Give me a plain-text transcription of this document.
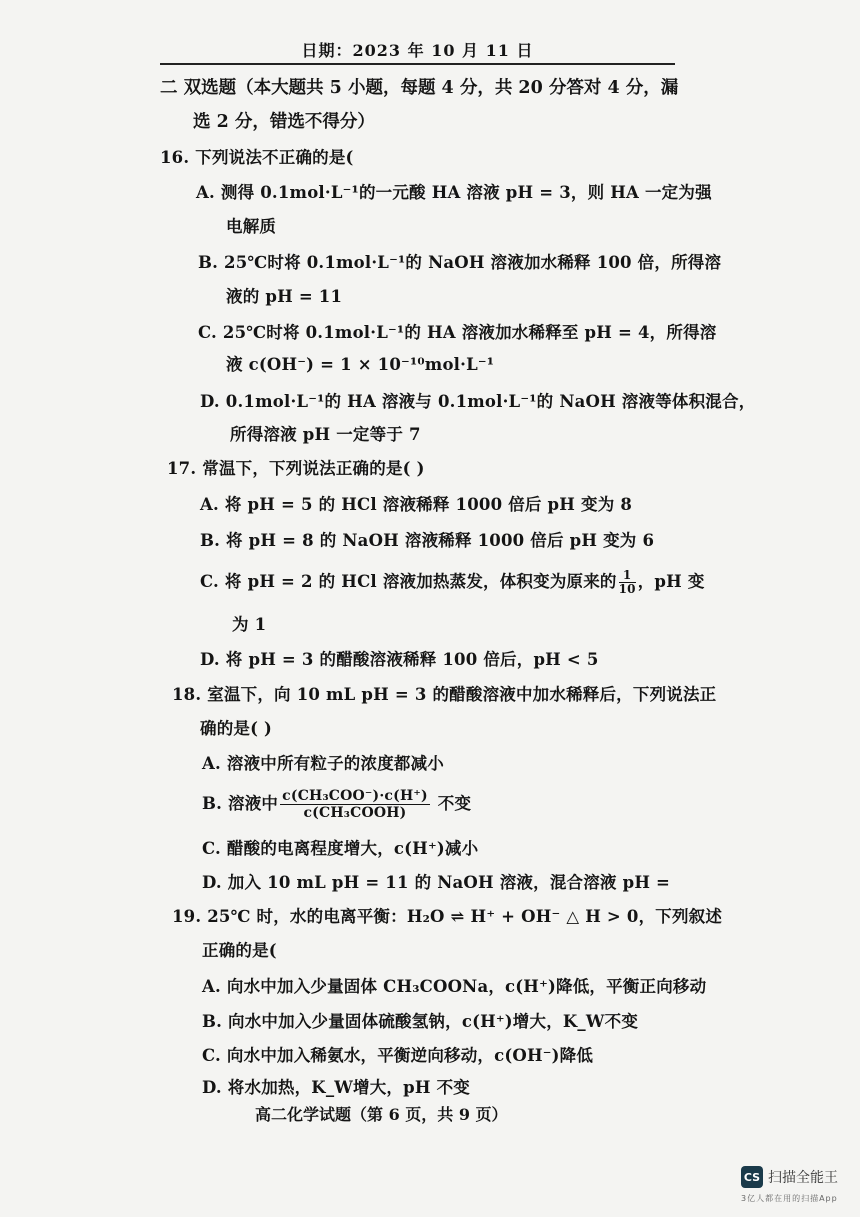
日期：2023 年 10 月 11 日
二 双选题（本大题共 5 小题，每题 4 分，共 20 分答对 4 分，漏
选 2 分，错选不得分）
16. 下列说法不正确的是(
A. 测得 0.1mol·L⁻¹的一元酸 HA 溶液 pH = 3，则 HA 一定为强
电解质
B. 25℃时将 0.1mol·L⁻¹的 NaOH 溶液加水稀释 100 倍，所得溶
液的 pH = 11
C. 25℃时将 0.1mol·L⁻¹的 HA 溶液加水稀释至 pH = 4，所得溶
液 c(OH⁻) = 1 × 10⁻¹⁰mol·L⁻¹
D. 0.1mol·L⁻¹的 HA 溶液与 0.1mol·L⁻¹的 NaOH 溶液等体积混合，
所得溶液 pH 一定等于 7
17. 常温下，下列说法正确的是( )
A. 将 pH = 5 的 HCl 溶液稀释 1000 倍后 pH 变为 8
B. 将 pH = 8 的 NaOH 溶液稀释 1000 倍后 pH 变为 6
C. 将 pH = 2 的 HCl 溶液加热蒸发，体积变为原来的 $\frac{1}{10}$ ，pH 变
为 1
D. 将 pH = 3 的醋酸溶液稀释 100 倍后，pH < 5
18. 室温下，向 10 mL pH = 3 的醋酸溶液中加水稀释后，下列说法正
确的是( )
A. 溶液中所有粒子的浓度都减小
B. 溶液中 $\frac{\text{c(CH₃COO⁻)·c(H⁺)}}{\text{c(CH₃COOH)}}$ 不变
C. 醋酸的电离程度增大，c(H⁺)减小
D. 加入 10 mL pH = 11 的 NaOH 溶液，混合溶液 pH =
19. 25℃ 时，水的电离平衡：H₂O ⇌ H⁺ + OH⁻ △ H > 0，下列叙述
正确的是(
A. 向水中加入少量固体 CH₃COONa，c(H⁺)降低，平衡正向移动
B. 向水中加入少量固体硫酸氢钠，c(H⁺)增大，K_W不变
C. 向水中加入稀氨水，平衡逆向移动，c(OH⁻)降低
D. 将水加热，K_W增大，pH 不变
高二化学试题（第 6 页，共 9 页）
CS 扫描全能王
3亿人都在用的扫描App
